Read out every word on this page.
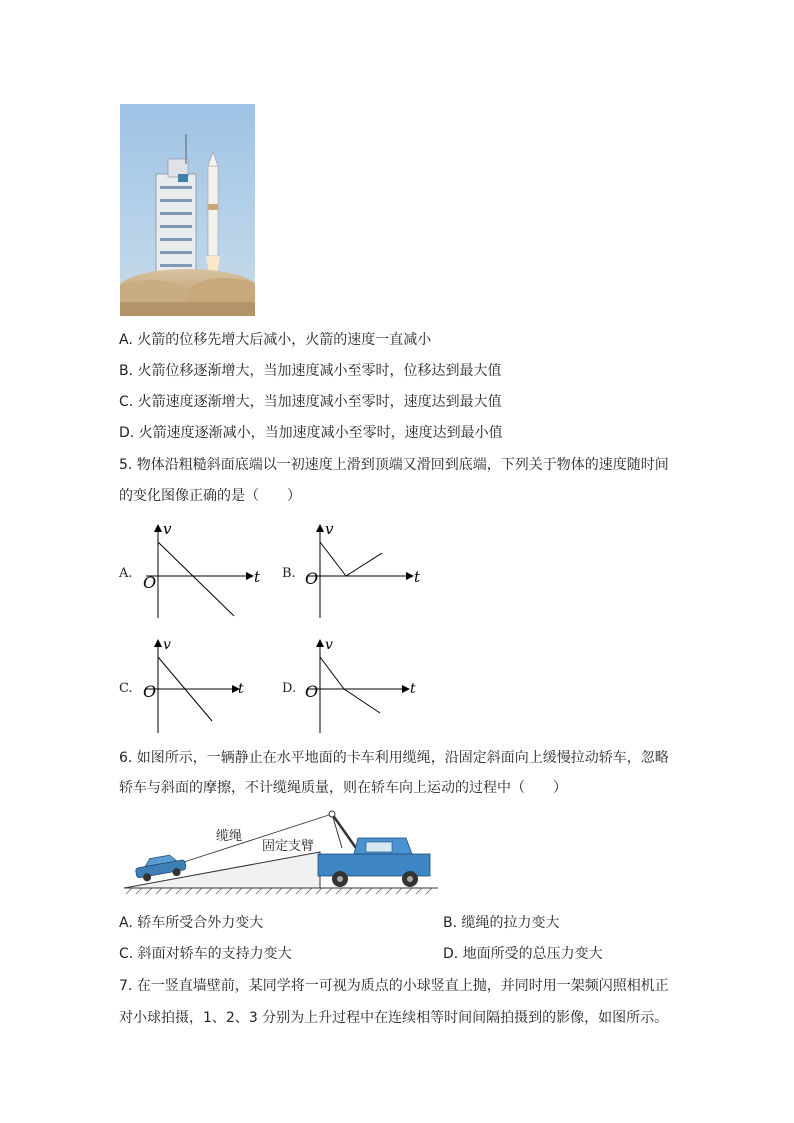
A. 火箭的位移先增大后减小，火箭的速度一直减小
B. 火箭位移逐渐增大，当加速度减小至零时，位移达到最大值
C. 火箭速度逐渐增大，当加速度减小至零时，速度达到最大值
D. 火箭速度逐渐减小，当加速度减小至零时，速度达到最小值
5. 物体沿粗糙斜面底端以一初速度上滑到顶端又滑回到底端，下列关于物体的速度随时间
的变化图像正确的是（　　）
A.
v
t
O	B.
v
t
O
C.
v
t
O	D.
v
t
O
6. 如图所示，一辆静止在水平地面的卡车利用缆绳，沿固定斜面向上缓慢拉动轿车，忽略
轿车与斜面的摩擦，不计缆绳质量，则在轿车向上运动的过程中（　　）
缆绳
固定支臂
A. 轿车所受合外力变大	B. 缆绳的拉力变大
C. 斜面对轿车的支持力变大	D. 地面所受的总压力变大
7. 在一竖直墙壁前，某同学将一可视为质点的小球竖直上抛，并同时用一架频闪照相机正
对小球拍摄，1、2、3 分别为上升过程中在连续相等时间间隔拍摄到的影像，如图所示。
